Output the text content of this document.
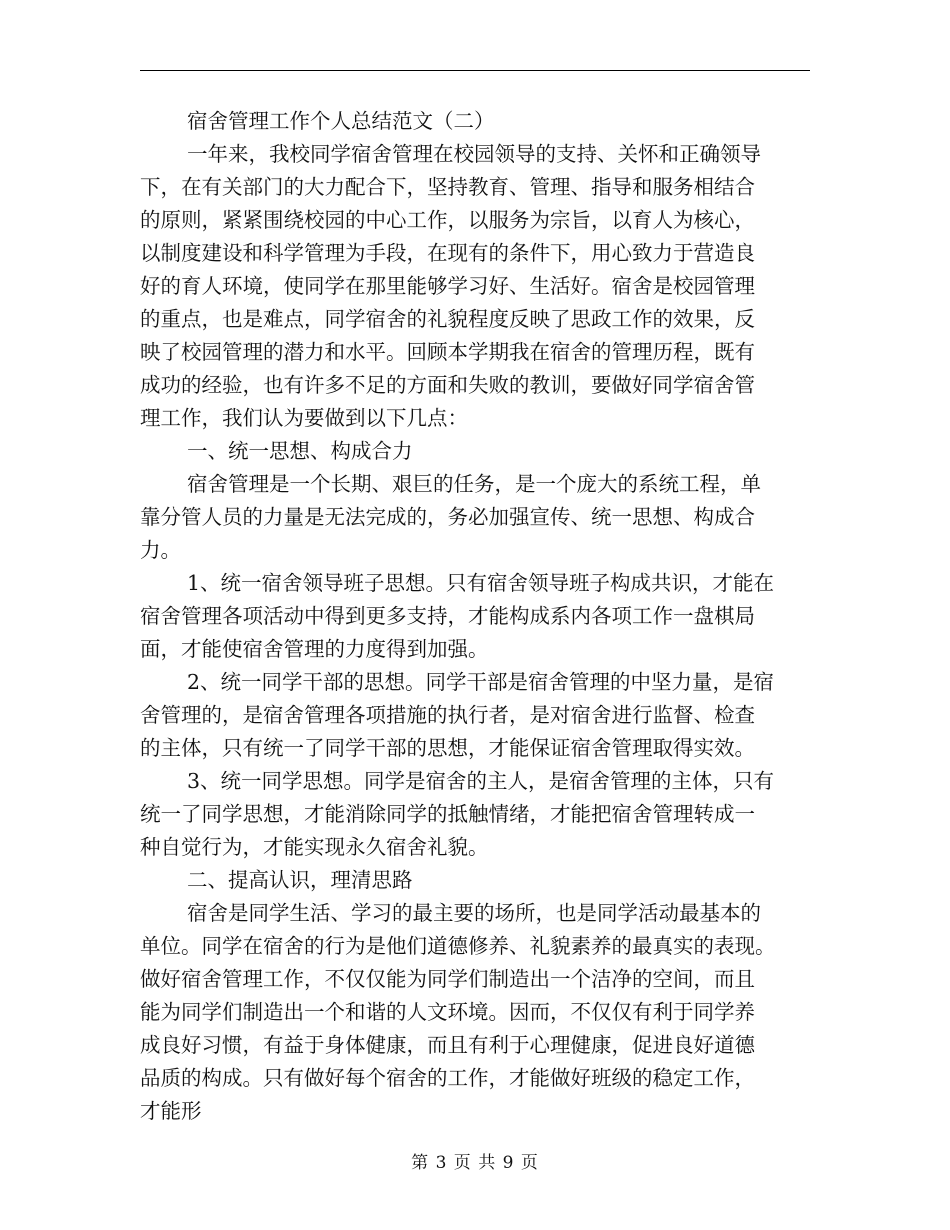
宿舍管理工作个人总结范文（二）
一年来，我校同学宿舍管理在校园领导的支持、关怀和正确领导
下，在有关部门的大力配合下，坚持教育、管理、指导和服务相结合
的原则，紧紧围绕校园的中心工作，以服务为宗旨，以育人为核心，
以制度建设和科学管理为手段，在现有的条件下，用心致力于营造良
好的育人环境，使同学在那里能够学习好、生活好。宿舍是校园管理
的重点，也是难点，同学宿舍的礼貌程度反映了思政工作的效果，反
映了校园管理的潜力和水平。回顾本学期我在宿舍的管理历程，既有
成功的经验，也有许多不足的方面和失败的教训，要做好同学宿舍管
理工作，我们认为要做到以下几点：
一、统一思想、构成合力
宿舍管理是一个长期、艰巨的任务，是一个庞大的系统工程，单
靠分管人员的力量是无法完成的，务必加强宣传、统一思想、构成合
力。
1、统一宿舍领导班子思想。只有宿舍领导班子构成共识，才能在
宿舍管理各项活动中得到更多支持，才能构成系内各项工作一盘棋局
面，才能使宿舍管理的力度得到加强。
2、统一同学干部的思想。同学干部是宿舍管理的中坚力量，是宿
舍管理的，是宿舍管理各项措施的执行者，是对宿舍进行监督、检查
的主体，只有统一了同学干部的思想，才能保证宿舍管理取得实效。
3、统一同学思想。同学是宿舍的主人，是宿舍管理的主体，只有
统一了同学思想，才能消除同学的抵触情绪，才能把宿舍管理转成一
种自觉行为，才能实现永久宿舍礼貌。
二、提高认识，理清思路
宿舍是同学生活、学习的最主要的场所，也是同学活动最基本的
单位。同学在宿舍的行为是他们道德修养、礼貌素养的最真实的表现。
做好宿舍管理工作，不仅仅能为同学们制造出一个洁净的空间，而且
能为同学们制造出一个和谐的人文环境。因而，不仅仅有利于同学养
成良好习惯，有益于身体健康，而且有利于心理健康，促进良好道德
品质的构成。只有做好每个宿舍的工作，才能做好班级的稳定工作，
才能形
第 3 页 共 9 页
